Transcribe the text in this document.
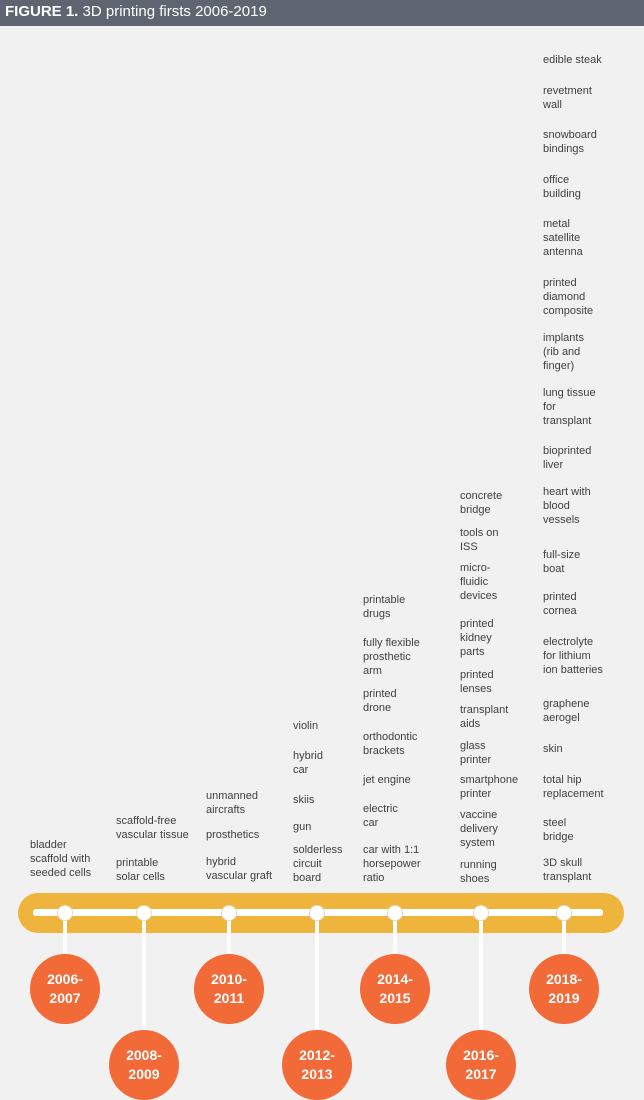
FIGURE 1. 3D printing firsts 2006-2019
bladder
scaffold with
seeded cells
2006-
2007
scaffold-free
vascular tissue
printable
solar cells
2008-
2009
unmanned
aircrafts
prosthetics
hybrid
vascular graft
2010-
2011
violin
hybrid
car
skiis
gun
solderless
circuit
board
2012-
2013
printable
drugs
fully flexible
prosthetic
arm
printed
drone
orthodontic
brackets
jet engine
electric
car
car with 1:1
horsepower
ratio
2014-
2015
concrete
bridge
tools on
ISS
micro-
fluidic
devices
printed
kidney
parts
printed
lenses
transplant
aids
glass
printer
smartphone
printer
vaccine
delivery
system
running
shoes
2016-
2017
edible steak
revetment
wall
snowboard
bindings
office
building
metal
satellite
antenna
printed
diamond
composite
implants
(rib and
finger)
lung tissue
for
transplant
bioprinted
liver
heart with
blood
vessels
full-size
boat
printed
cornea
electrolyte
for lithium
ion batteries
graphene
aerogel
skin
total hip
replacement
steel
bridge
3D skull
transplant
2018-
2019
